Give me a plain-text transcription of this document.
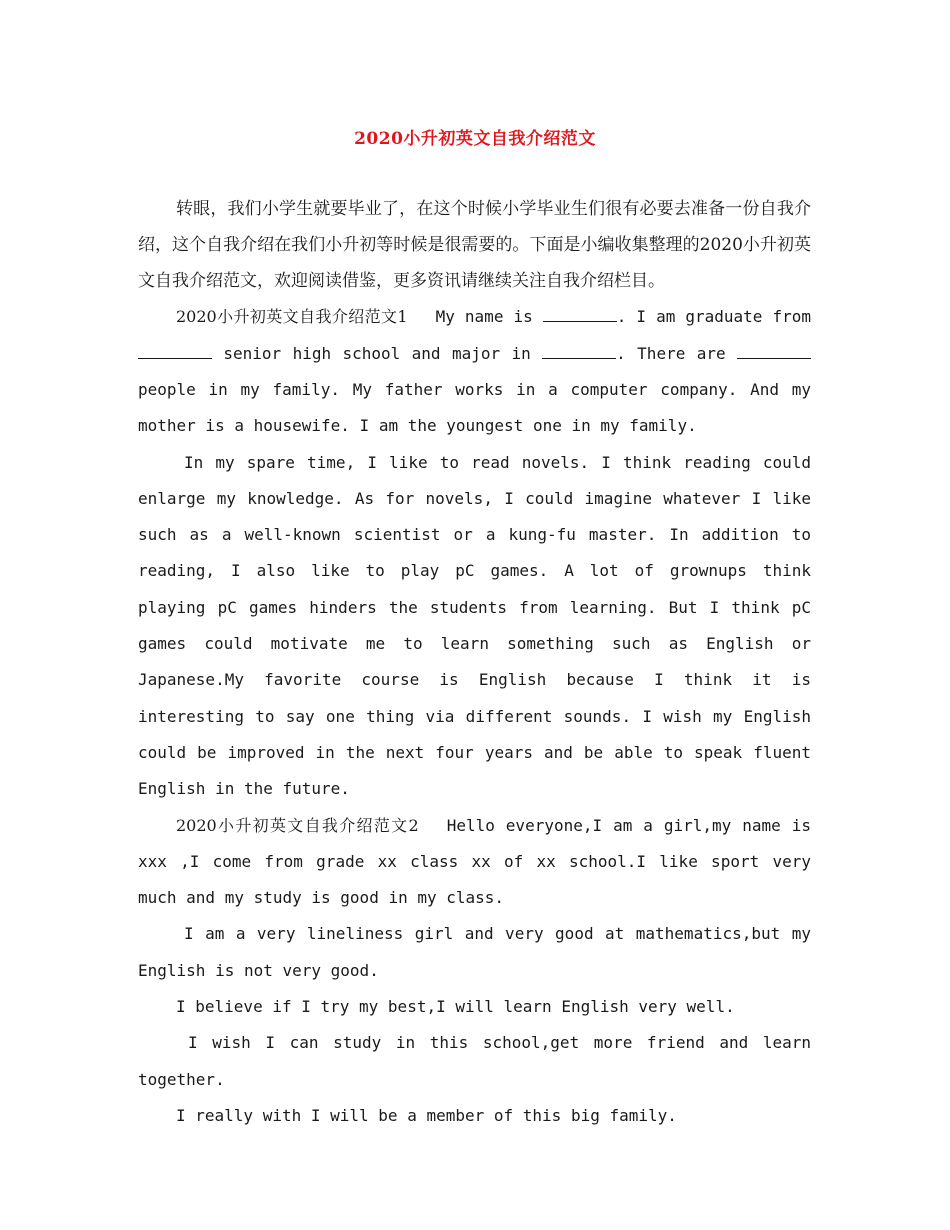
2020小升初英文自我介绍范文

转眼，我们小学生就要毕业了，在这个时候小学毕业生们很有必要去准备一份自我介绍，这个自我介绍在我们小升初等时候是很需要的。下面是小编收集整理的2020小升初英文自我介绍范文，欢迎阅读借鉴，更多资讯请继续关注自我介绍栏目。

2020小升初英文自我介绍范文1 My name is	. I am graduate from  senior high school and major in	. There are  people in my family. My father works in a computer company. And my mother is a housewife. I am the youngest one in my family.

In my spare time, I like to read novels. I think reading could enlarge my knowledge. As for novels, I could imagine whatever I like such as a well-known scientist or a kung-fu master. In addition to reading, I also like to play pC games. A lot of grownups think playing pC games hinders the students from learning. But I think pC games could motivate me to learn something such as English or Japanese.My favorite course is English because I think it is interesting to say one thing via different sounds. I wish my English could be improved in the next four years and be able to speak fluent English in the future.

2020小升初英文自我介绍范文2 Hello everyone,I am a girl,my name is xxx ,I come from grade xx class xx of xx school.I like sport very much and my study is good in my class.

I am a very lineliness girl and very good at mathematics,but my English is not very good.

I believe if I try my best,I will learn English very well.

I wish I can study in this school,get more friend and learn together.

I really with I will be a member of this big family.
